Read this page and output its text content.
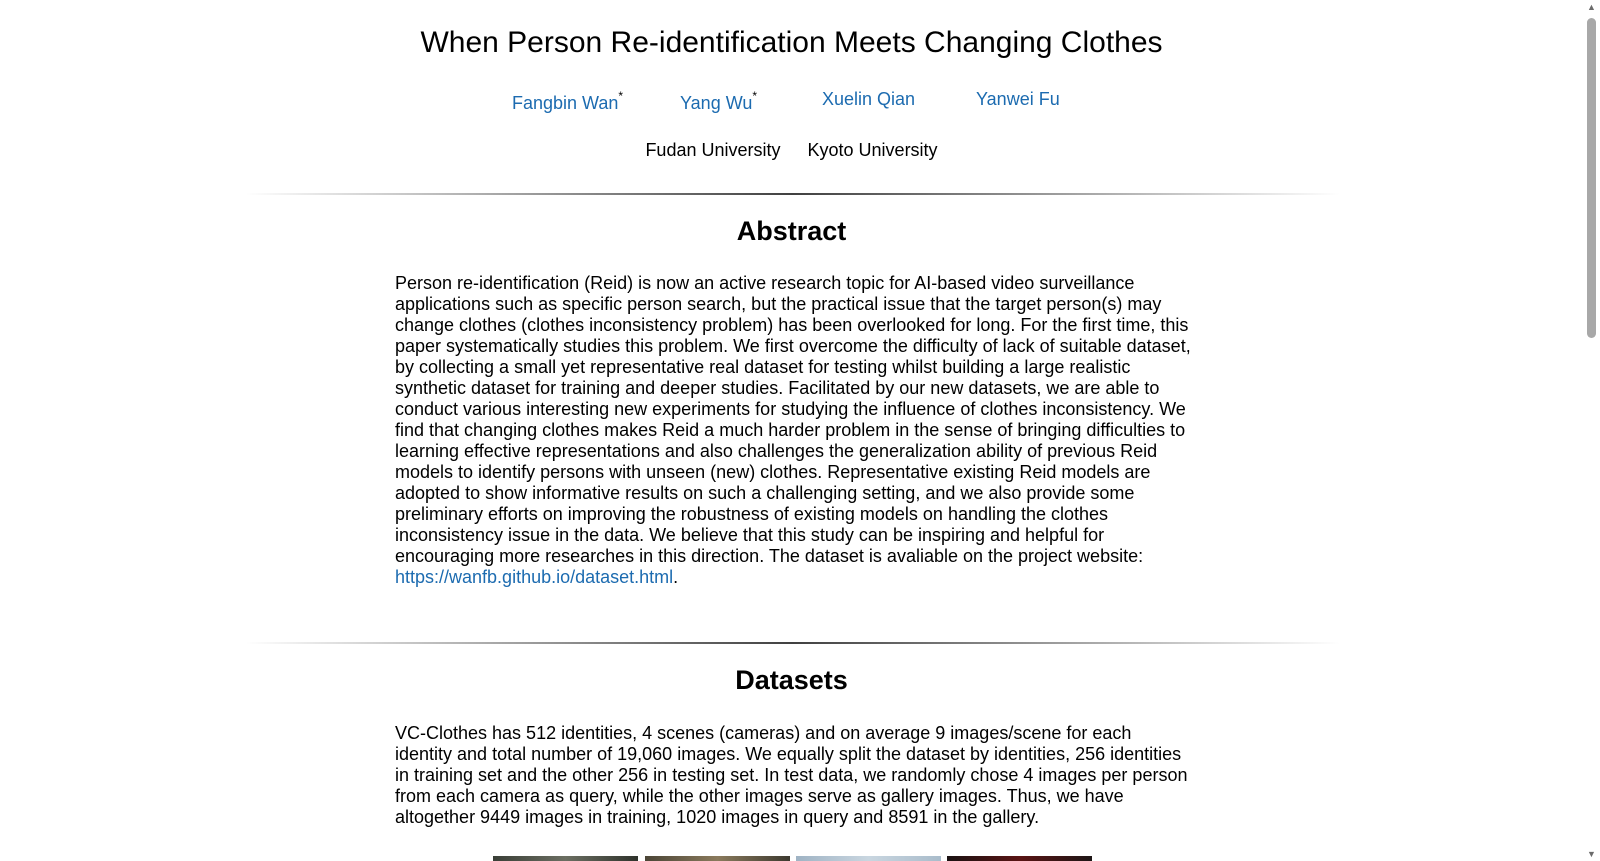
When Person Re-identification Meets Changing Clothes
Fangbin Wan*	Yang Wu*	Xuelin Qian	Yanwei Fu
Fudan University Kyoto University
Abstract

Person re-identification (Reid) is now an active research topic for AI-based video surveillance applications such as specific person search, but the practical issue that the target person(s) may change clothes (clothes inconsistency problem) has been overlooked for long. For the first time, this paper systematically studies this problem. We first overcome the difficulty of lack of suitable dataset, by collecting a small yet representative real dataset for testing whilst building a large realistic synthetic dataset for training and deeper studies. Facilitated by our new datasets, we are able to conduct various interesting new experiments for studying the influence of clothes inconsistency. We find that changing clothes makes Reid a much harder problem in the sense of bringing difficulties to learning effective representations and also challenges the generalization ability of previous Reid models to identify persons with unseen (new) clothes. Representative existing Reid models are adopted to show informative results on such a challenging setting, and we also provide some preliminary efforts on improving the robustness of existing models on handling the clothes inconsistency issue in the data. We believe that this study can be inspiring and helpful for encouraging more researches in this direction. The dataset is avaliable on the project website: https://wanfb.github.io/dataset.html.

Datasets

VC-Clothes has 512 identities, 4 scenes (cameras) and on average 9 images/scene for each identity and total number of 19,060 images. We equally split the dataset by identities, 256 identities in training set and the other 256 in testing set. In test data, we randomly chose 4 images per person from each camera as query, while the other images serve as gallery images. Thus, we have altogether 9449 images in training, 1020 images in query and 8591 in the gallery.

▲
▼
